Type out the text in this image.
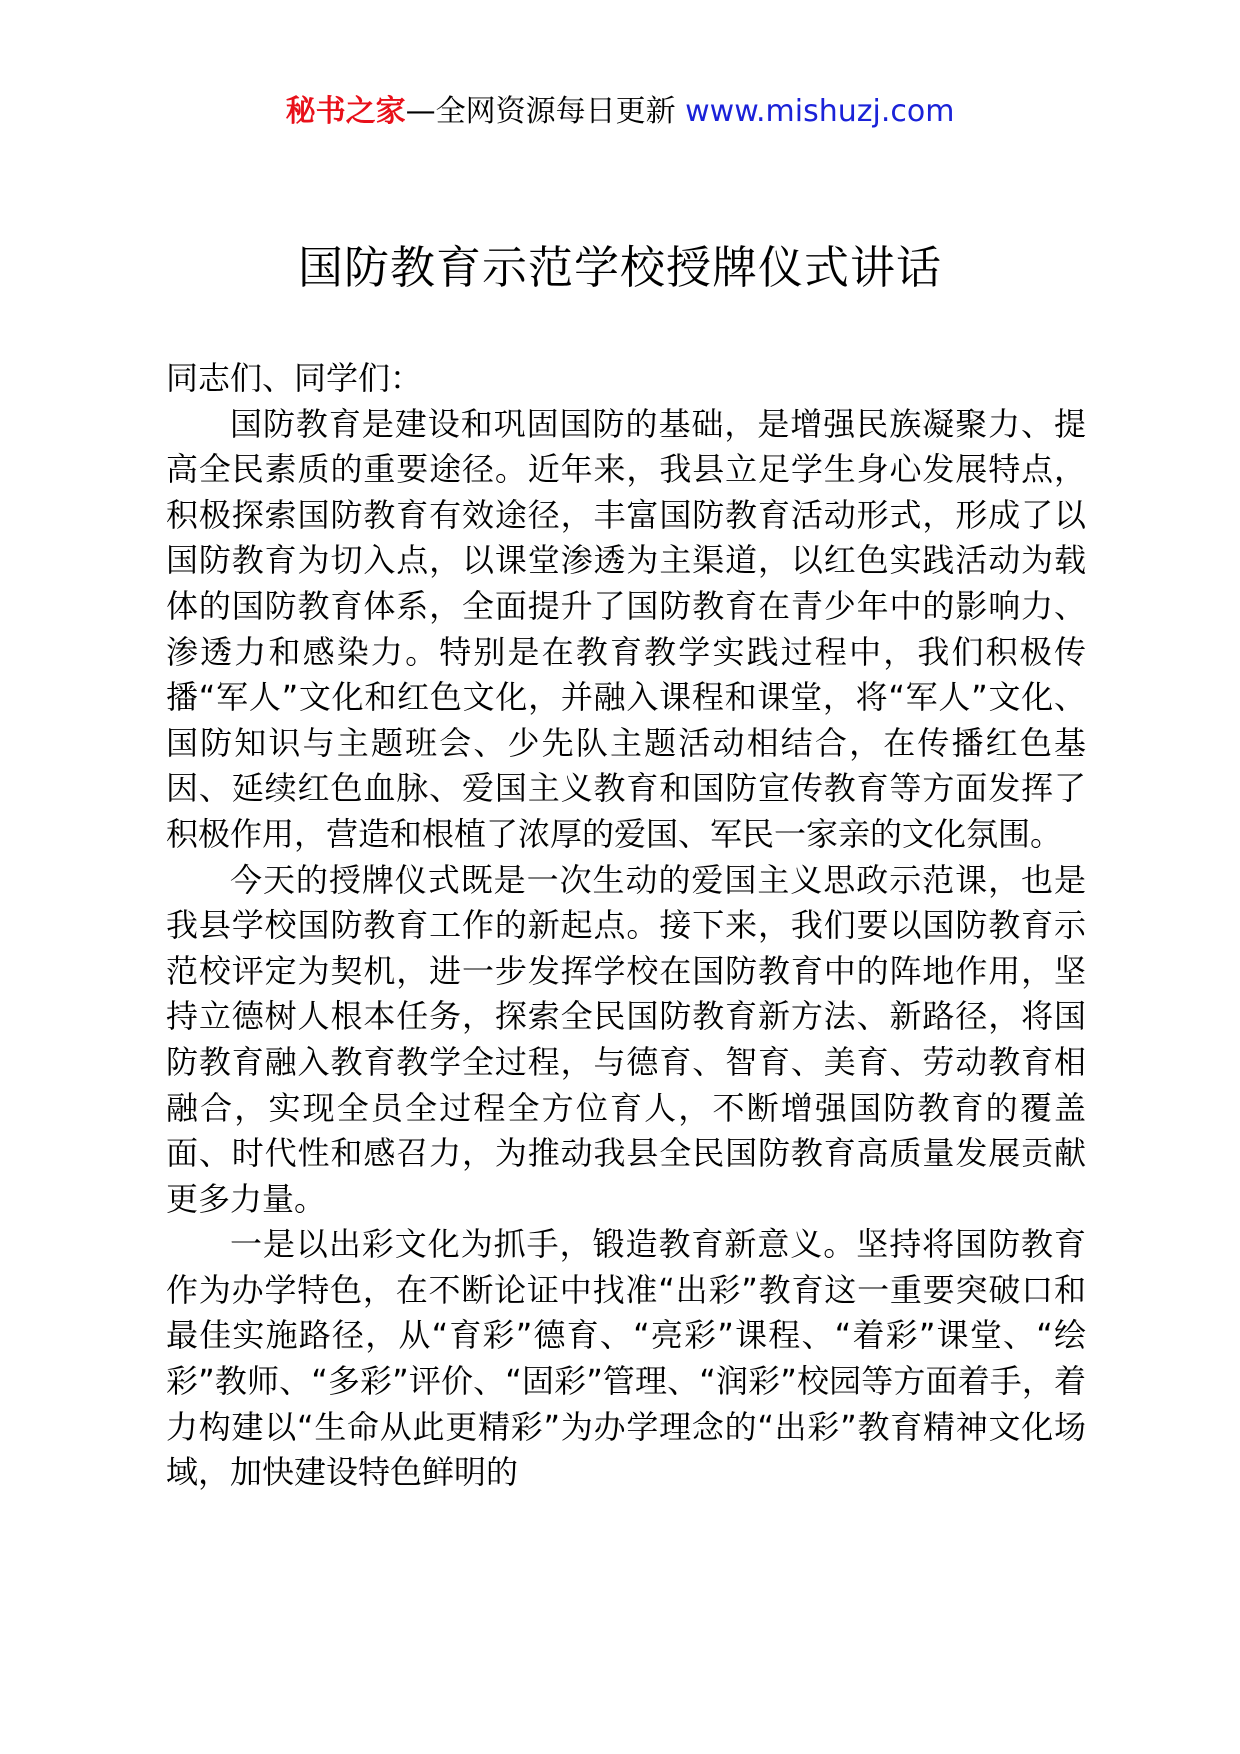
秘书之家—全网资源每日更新 www.mishuzj.com
国防教育示范学校授牌仪式讲话

同志们、同学们：

国防教育是建设和巩固国防的基础，是增强民族凝聚力、提高全民素质的重要途径。近年来，我县立足学生身心发展特点，积极探索国防教育有效途径，丰富国防教育活动形式，形成了以国防教育为切入点，以课堂渗透为主渠道，以红色实践活动为载体的国防教育体系，全面提升了国防教育在青少年中的影响力、渗透力和感染力。特别是在教育教学实践过程中，我们积极传播“军人”文化和红色文化，并融入课程和课堂，将“军人”文化、国防知识与主题班会、少先队主题活动相结合，在传播红色基因、延续红色血脉、爱国主义教育和国防宣传教育等方面发挥了积极作用，营造和根植了浓厚的爱国、军民一家亲的文化氛围。

今天的授牌仪式既是一次生动的爱国主义思政示范课，也是我县学校国防教育工作的新起点。接下来，我们要以国防教育示范校评定为契机，进一步发挥学校在国防教育中的阵地作用，坚持立德树人根本任务，探索全民国防教育新方法、新路径，将国防教育融入教育教学全过程，与德育、智育、美育、劳动教育相融合，实现全员全过程全方位育人，不断增强国防教育的覆盖面、时代性和感召力，为推动我县全民国防教育高质量发展贡献更多力量。

一是以出彩文化为抓手，锻造教育新意义。坚持将国防教育作为办学特色，在不断论证中找准“出彩”教育这一重要突破口和最佳实施路径，从“育彩”德育、“亮彩”课程、“着彩”课堂、“绘彩”教师、“多彩”评价、“固彩”管理、“润彩”校园等方面着手，着力构建以“生命从此更精彩”为办学理念的“出彩”教育精神文化场域，加快建设特色鲜明的
